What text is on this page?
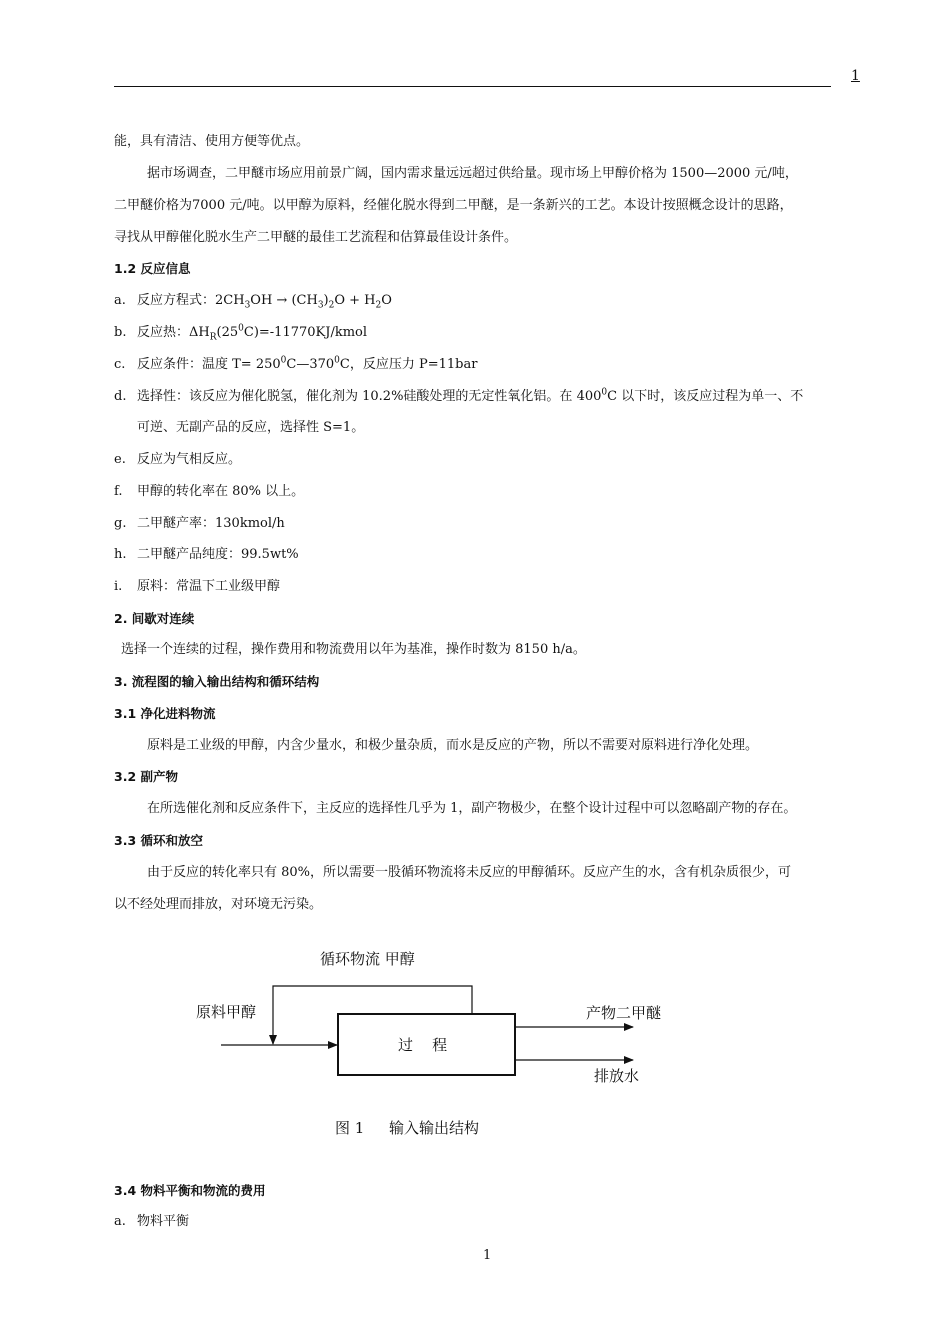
1
能，具有清洁、使用方便等优点。
据市场调查，二甲醚市场应用前景广阔，国内需求量远远超过供给量。现市场上甲醇价格为 1500—2000 元/吨，
二甲醚价格为7000 元/吨。以甲醇为原料，经催化脱水得到二甲醚，是一条新兴的工艺。本设计按照概念设计的思路，
寻找从甲醇催化脱水生产二甲醚的最佳工艺流程和估算最佳设计条件。
1.2 反应信息
a. 反应方程式：$2CH_3OH \to (CH_3)_2O + H_2O$
b. 反应热：$\Delta H_R(25^0C)=-11770KJ$/kmol
c. 反应条件：温度 $T= 250^0C—370^0C$，反应压力 P=11bar
d. 选择性：该反应为催化脱氢，催化剂为 10.2%硅酸处理的无定性氧化铝。在 $400^0C$ 以下时，该反应过程为单一、不
可逆、无副产品的反应，选择性 S=1。
e. 反应为气相反应。
f.	甲醇的转化率在 80% 以上。
g. 二甲醚产率：130kmol/h
h. 二甲醚产品纯度：99.5wt%
i.	原料：常温下工业级甲醇
2. 间歇对连续
选择一个连续的过程，操作费用和物流费用以年为基准，操作时数为 8150 h/a。
3. 流程图的输入输出结构和循环结构
3.1 净化进料物流
原料是工业级的甲醇，内含少量水，和极少量杂质，而水是反应的产物，所以不需要对原料进行净化处理。
3.2 副产物
在所选催化剂和反应条件下，主反应的选择性几乎为 1，副产物极少，在整个设计过程中可以忽略副产物的存在。
3.3 循环和放空
由于反应的转化率只有 80%，所以需要一股循环物流将未反应的甲醇循环。反应产生的水，含有机杂质很少，可
以不经处理而排放，对环境无污染。
循环物流 甲醇
原料甲醇
过    程
产物二甲醚
排放水
图 1 输入输出结构
3.4 物料平衡和物流的费用
a. 物料平衡
1
